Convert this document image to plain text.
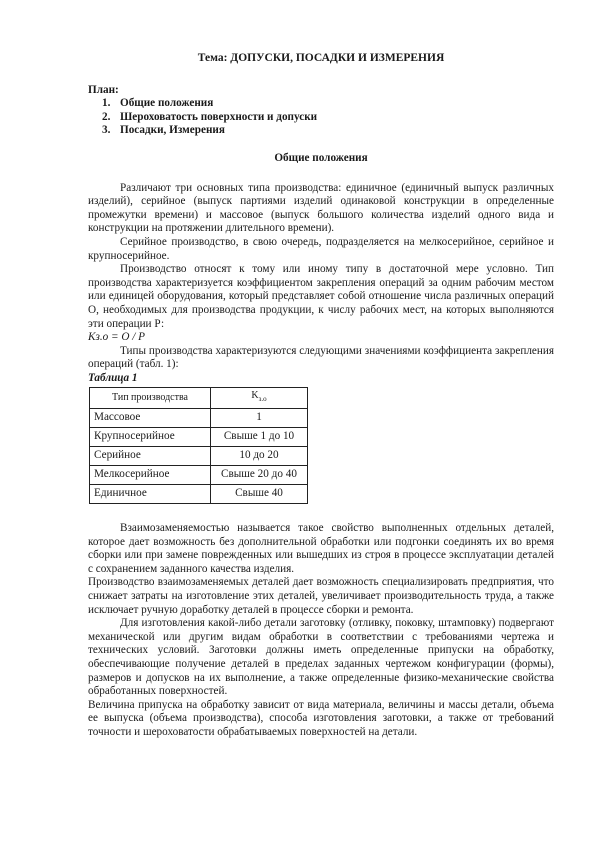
Тема: ДОПУСКИ, ПОСАДКИ И ИЗМЕРЕНИЯ
План:
1. Общие положения
2. Шероховатость поверхности и допуски
3. Посадки, Измерения
Общие положения

Различают три основных типа производства: единичное (единичный выпуск различных изделий), серийное (выпуск партиями изделий одинаковой конструкции в определенные промежутки времени) и массовое (выпуск большого количества изделий одного вида и конструкции на протяжении длительного времени).

Серийное производство, в свою очередь, подразделяется на мелкосерийное, серийное и крупносерийное.

Производство относят к тому или иному типу в достаточной мере условно. Тип производства характеризуется коэффициентом закрепления операций за одним рабочим местом или единицей оборудования, который представляет собой отношение числа различных операций О, необходимых для производства продукции, к числу рабочих мест, на которых выполняются эти операции Р:

Kз.о = O / P

Типы производства характеризуются следующими значениями коэффициента закрепления операций (табл. 1):

Таблица 1
Тип производства	$K_{з.о}$
Массовое	1
Крупносерийное	Свыше 1 до 10
Серийное	10 до 20
Мелкосерийное	Свыше 20 до 40
Единичное	Свыше 40

Взаимозаменяемостью называется такое свойство выполненных отдельных деталей, которое дает возможность без дополнительной обработки или подгонки соединять их во время сборки или при замене поврежденных или вышедших из строя в процессе эксплуатации деталей с сохранением заданного качества изделия.

Производство взаимозаменяемых деталей дает возможность специализировать предприятия, что снижает затраты на изготовление этих деталей, увеличивает производительность труда, а также исключает ручную доработку деталей в процессе сборки и ремонта.

Для изготовления какой-либо детали заготовку (отливку, поковку, штамповку) подвергают механической или другим видам обработки в соответствии с требованиями чертежа и технических условий. Заготовки должны иметь определенные припуски на обработку, обеспечивающие получение деталей в пределах заданных чертежом конфигурации (формы), размеров и допусков на их выполнение, а также определенные физико-механические свойства обработанных поверхностей.

Величина припуска на обработку зависит от вида материала, величины и массы детали, объема ее выпуска (объема производства), способа изготовления заготовки, а также от требований точности и шероховатости обрабатываемых поверхностей на детали.
